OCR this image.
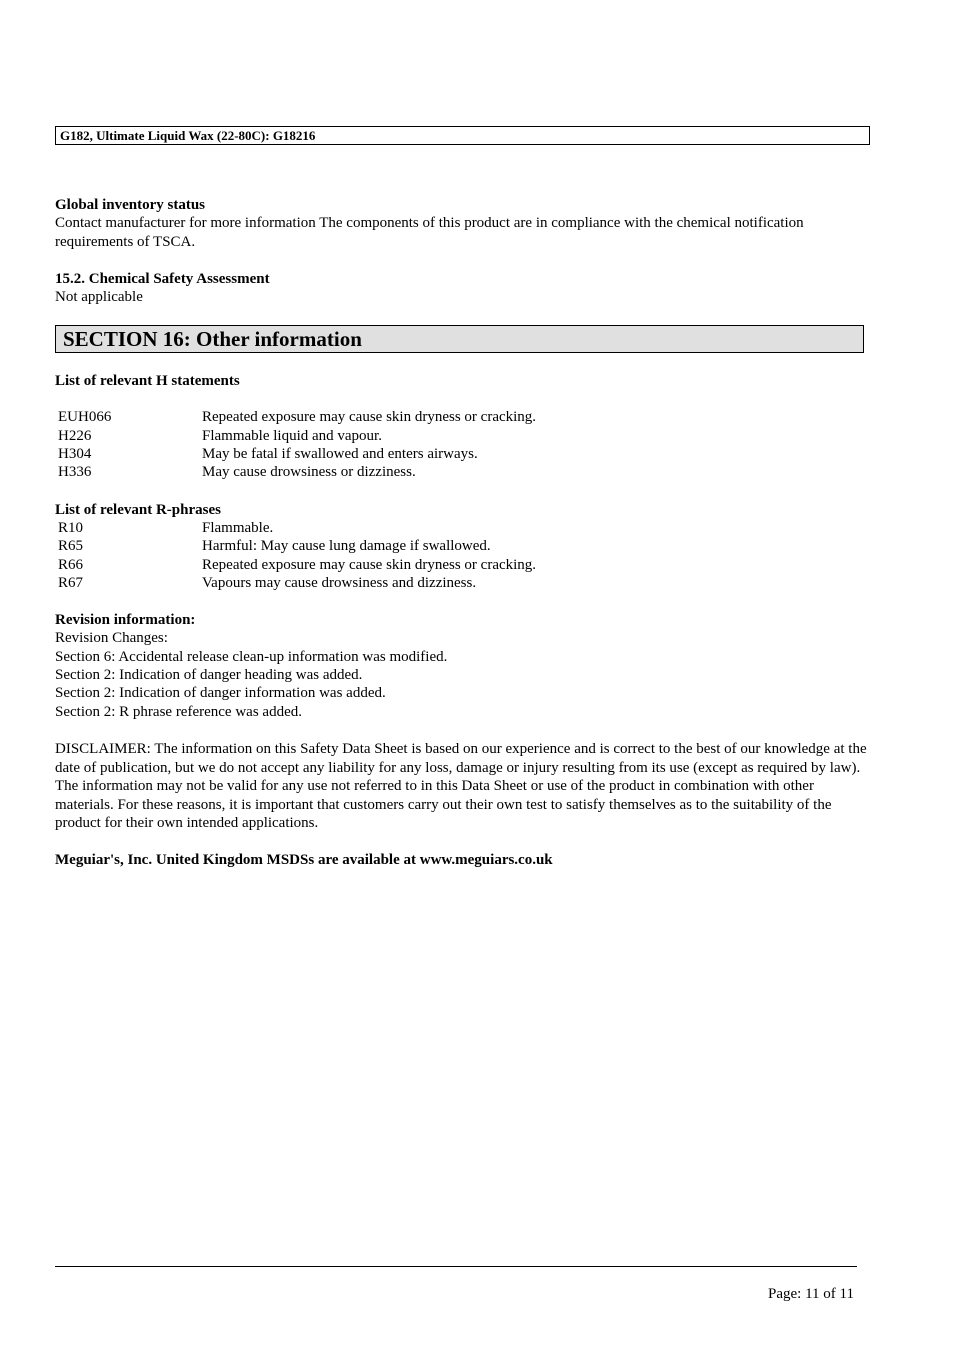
G182, Ultimate Liquid Wax (22-80C): G18216
Global inventory status
Contact manufacturer for more information The components of this product are in compliance with the chemical notification requirements of TSCA.
15.2. Chemical Safety Assessment
Not applicable
SECTION 16: Other information
List of relevant H statements
EUH066	Repeated exposure may cause skin dryness or cracking.
H226	Flammable liquid and vapour.
H304	May be fatal if swallowed and enters airways.
H336	May cause drowsiness or dizziness.
List of relevant R-phrases
R10	Flammable.
R65	Harmful: May cause lung damage if swallowed.
R66	Repeated exposure may cause skin dryness or cracking.
R67	Vapours may cause drowsiness and dizziness.
Revision information:
Revision Changes:
Section 6: Accidental release clean-up information was modified.
Section 2: Indication of danger heading was added.
Section 2: Indication of danger information was added.
Section 2: R phrase reference was added.
DISCLAIMER: The information on this Safety Data Sheet is based on our experience and is correct to the best of our knowledge at the date of publication, but we do not accept any liability for any loss, damage or injury resulting from its use (except as required by law). The information may not be valid for any use not referred to in this Data Sheet or use of the product in combination with other materials. For these reasons, it is important that customers carry out their own test to satisfy themselves as to the suitability of the product for their own intended applications.
Meguiar's, Inc. United Kingdom MSDSs are available at www.meguiars.co.uk
Page: 11 of 11
